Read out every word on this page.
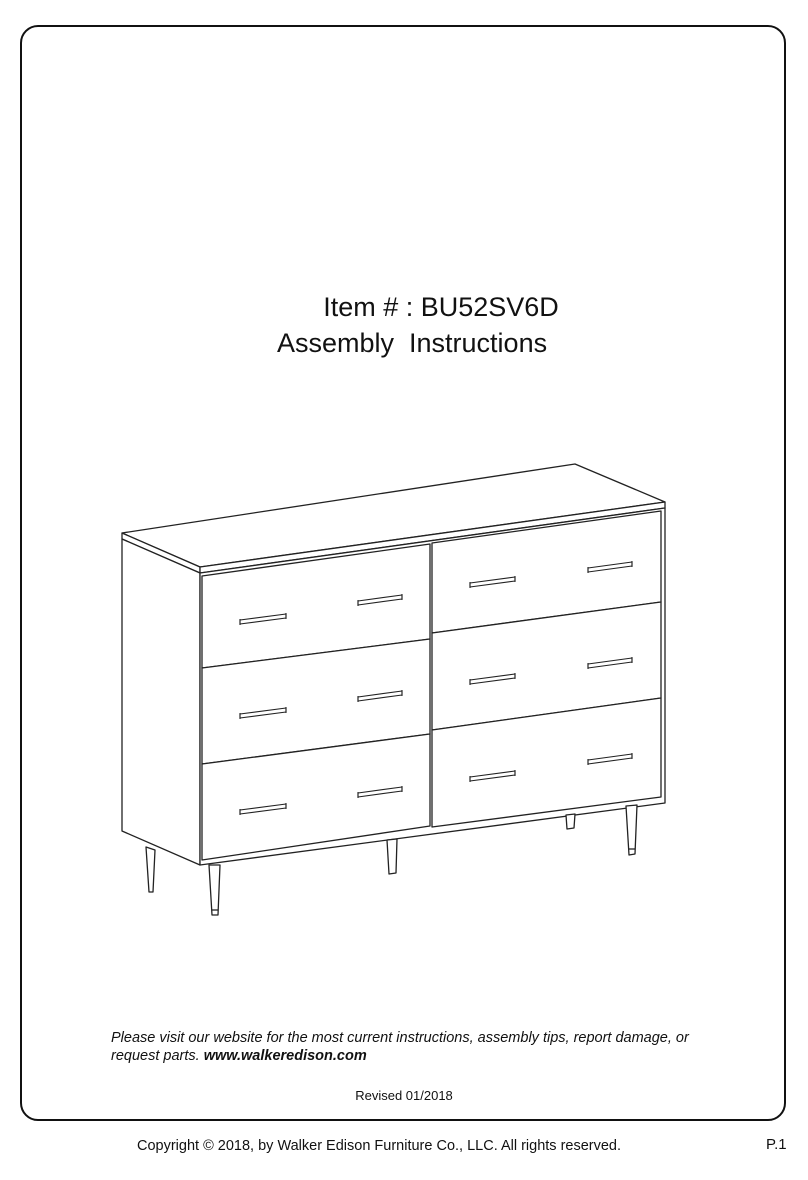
Item # : BU52SV6D
Assembly  Instructions
Please visit our website for the most current instructions, assembly tips, report damage, or request parts. www.walkeredison.com
Revised 01/2018
Copyright © 2018, by Walker Edison Furniture Co., LLC. All rights reserved.	P.1
